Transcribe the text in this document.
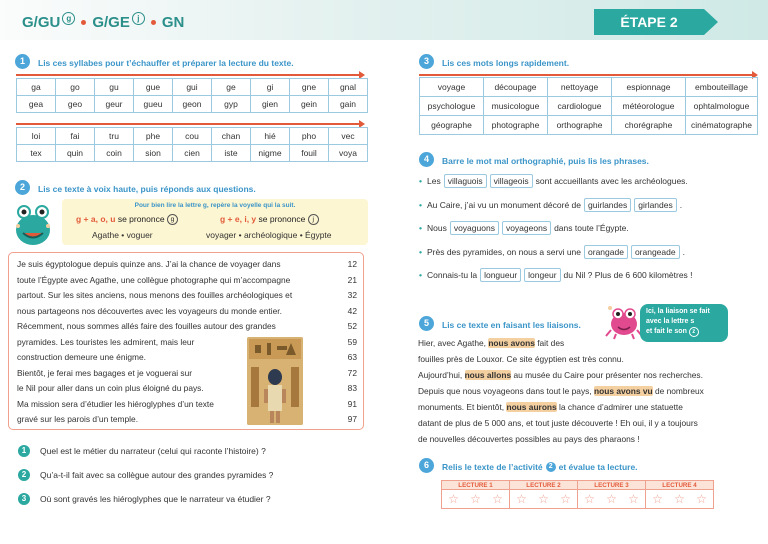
G/GU g G/GE j	GN	ÉTAPE 2
1	Lis ces syllabes pour t’échauffer et préparer la lecture du texte.
ga	go	gu	gue	gui	ge	gi	gne	gnal
gea	geo	geur	gueu	geon	gyp	gien	gein	gain
loi	fai	tru	phe	cou	chan	hié	pho	vec
tex	quin	coin	sion	cien	iste	nigme	fouil	voya
2	Lis ce texte à voix haute, puis réponds aux questions.
Pour bien lire la lettre g, repère la voyelle qui la suit.
g + a, o, u se prononce g
Agathe • voguer
g + e, i, y se prononce j
voyager • archéologique • Égypte
Je suis égyptologue depuis quinze ans. J’ai la chance de voyager dans	12
toute l’Égypte avec Agathe, une collègue photographe qui m’accompagne	21
partout. Sur les sites anciens, nous menons des fouilles archéologiques et	32
nous partageons nos découvertes avec les voyageurs du monde entier.	42
Récemment, nous sommes allés faire des fouilles autour des grandes	52
pyramides. Les touristes les admirent, mais leur	59
construction demeure une énigme.	63
Bientôt, je ferai mes bagages et je voguerai sur	72
le Nil pour aller dans un coin plus éloigné du pays.	83
Ma mission sera d’étudier les hiéroglyphes d’un texte	91
gravé sur les parois d’un temple.	97
1	Quel est le métier du narrateur (celui qui raconte l’histoire) ?
2	Qu’a-t-il fait avec sa collègue autour des grandes pyramides ?
3	Où sont gravés les hiéroglyphes que le narrateur va étudier ?
3	Lis ces mots longs rapidement.
voyage	découpage	nettoyage	espionnage	embouteillage
psychologue	musicologue	cardiologue	météorologue	ophtalmologue
géographe	photographe	orthographe	chorégraphe	cinématographe
4	Barre le mot mal orthographié, puis lis les phrases.
• Les villaguois	villageois sont accueillants avec les archéologues.
• Au Caire, j’ai vu un monument décoré de guirlandes	girlandes .
• Nous voyaguons	voyageons dans toute l’Égypte.
• Près des pyramides, on nous a servi une orangade	orangeade .
• Connais-tu la longueur	longeur du Nil ? Plus de 6 600 kilomètres !
5	Lis ce texte en faisant les liaisons.
Ici, la liaison se fait
avec la lettre s
et fait le son z
Hier, avec Agathe, nous avons fait des
fouilles près de Louxor. Ce site égyptien est très connu.
Aujourd’hui, nous allons au musée du Caire pour présenter nos recherches.
Depuis que nous voyageons dans tout le pays, nous avons vu de nombreux
monuments. Et bientôt, nous aurons la chance d’admirer une statuette
datant de plus de 5 000 ans, et tout juste découverte ! Eh oui, il y a toujours
de nouvelles découvertes possibles au pays des pharaons !
6	Relis le texte de l’activité 2 et évalue ta lecture.
LECTURE 1	LECTURE 2	LECTURE 3	LECTURE 4
☆ ☆ ☆	☆ ☆ ☆	☆ ☆ ☆	☆ ☆ ☆
